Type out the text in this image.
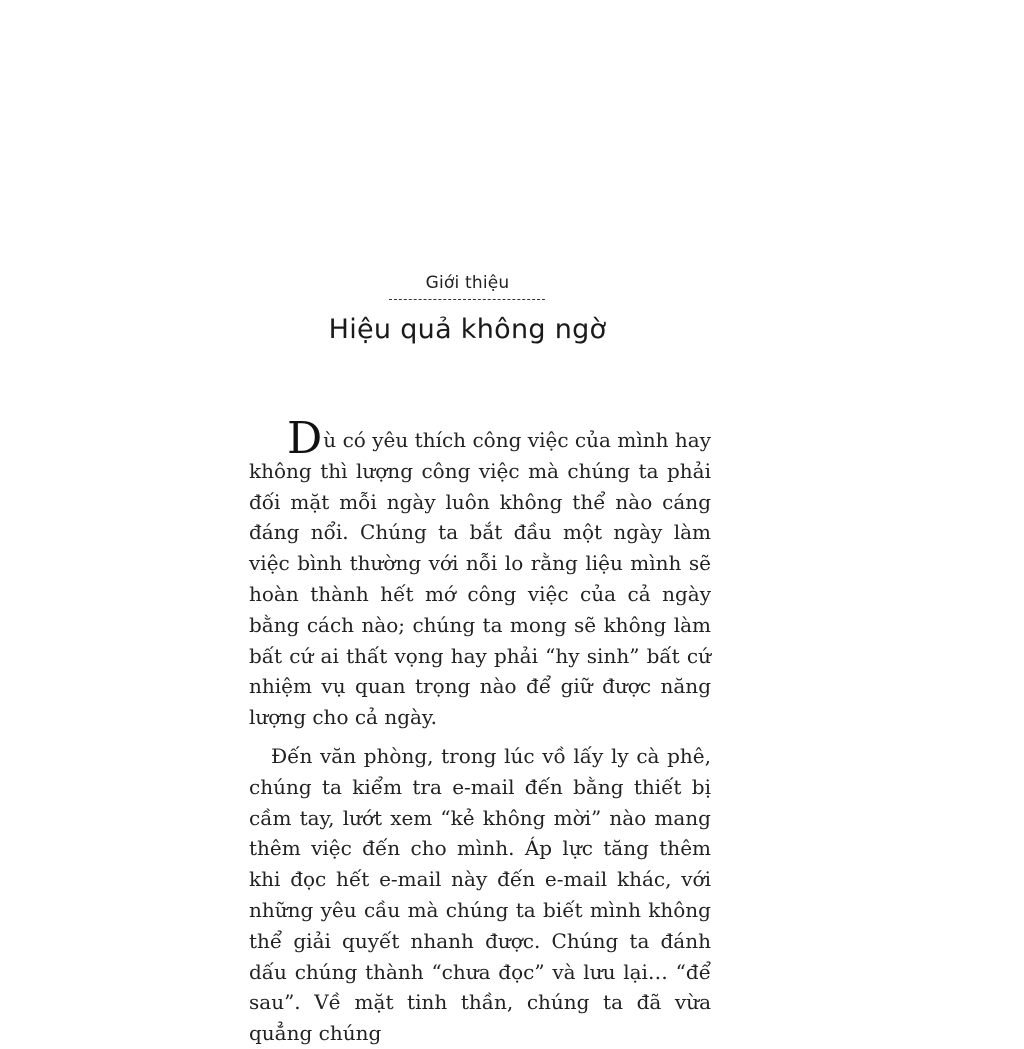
Giới thiệu
Hiệu quả không ngờ

Dù có yêu thích công việc của mình hay không thì lượng công việc mà chúng ta phải đối mặt mỗi ngày luôn không thể nào cáng đáng nổi. Chúng ta bắt đầu một ngày làm việc bình thường với nỗi lo rằng liệu mình sẽ hoàn thành hết mớ công việc của cả ngày bằng cách nào; chúng ta mong sẽ không làm bất cứ ai thất vọng hay phải “hy sinh” bất cứ nhiệm vụ quan trọng nào để giữ được năng lượng cho cả ngày.

Đến văn phòng, trong lúc vồ lấy ly cà phê, chúng ta kiểm tra e-mail đến bằng thiết bị cầm tay, lướt xem “kẻ không mời” nào mang thêm việc đến cho mình. Áp lực tăng thêm khi đọc hết e-mail này đến e-mail khác, với những yêu cầu mà chúng ta biết mình không thể giải quyết nhanh được. Chúng ta đánh dấu chúng thành “chưa đọc” và lưu lại… “để sau”. Về mặt tinh thần, chúng ta đã vừa quẳng chúng
